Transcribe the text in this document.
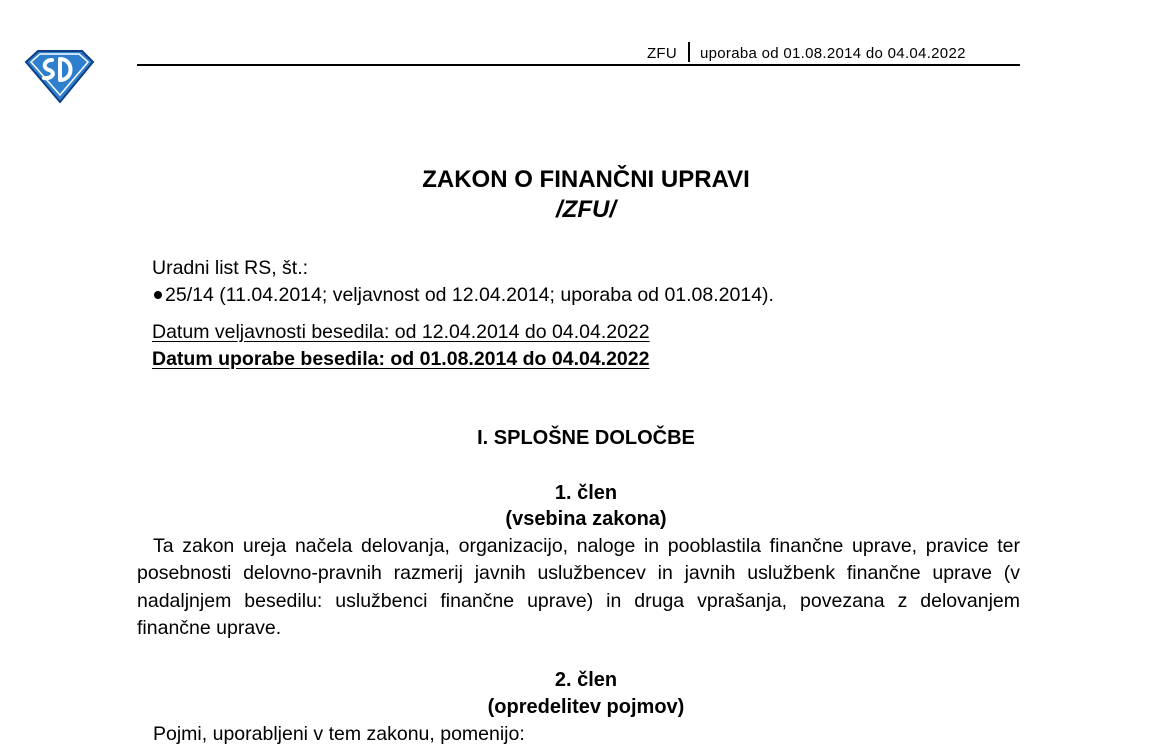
ZFU uporaba od 01.08.2014 do 04.04.2022
ZAKON O FINANČNI UPRAVI
/ZFU/
Uradni list RS, št.:
25/14 (11.04.2014; veljavnost od 12.04.2014; uporaba od 01.08.2014).
Datum veljavnosti besedila: od 12.04.2014 do 04.04.2022
Datum uporabe besedila: od 01.08.2014 do 04.04.2022
I. SPLOŠNE DOLOČBE
1. člen
(vsebina zakona)
Ta zakon ureja načela delovanja, organizacijo, naloge in pooblastila finančne uprave, pravice ter posebnosti delovno-pravnih razmerij javnih uslužbencev in javnih uslužbenk finančne uprave (v nadaljnjem besedilu: uslužbenci finančne uprave) in druga vprašanja, povezana z delovanjem finančne uprave.
2. člen
(opredelitev pojmov)
Pojmi, uporabljeni v tem zakonu, pomenijo:
